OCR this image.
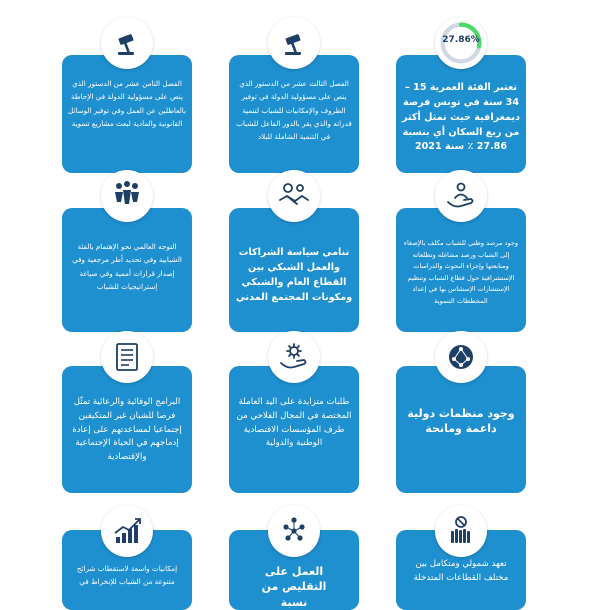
تعتبر الفئة العمرية 15 – 34 سنة في تونس فرصة ديمغرافية حيث تمثل أكثر من ربع السكان أي بنسبة 27.86 ٪ سنة 2021
27.86%
الفصل الثالث عشر من الدستور الذي ينص على مسؤولية الدولة في توفير الظروف والإمكانيات للشباب لتنمية قدراته والذي يقر بالدور الفاعل للشباب في التنمية الشاملة للبلاد
الفصل الثامن عشر من الدستور الذي ينص على مسؤولية الدولة في الإحاطة بالعاطلين عن العمل وفي توفير الوسائل القانونية والمادية لبعث مشاريع تنموية
وجود مرصد وطني للشباب مكلف بالإصغاء إلى الشباب ورصد مشاغله وتطلعاته ومتابعتها وإجراء البحوث والدراسات الإستشرافية حول قطاع الشباب وتنظيم الإستشارات الإستئناس بها في إعداد المخططات التنموية
تنامي سياسة الشراكات والعمل الشبكي بين القطاع العام والشبكي ومكونات المجتمع المدني
التوجه العالمي نحو الإهتمام بالفئة الشبابية وفي تحديد أطر مرجعية وفي إصدار قرارات أممية وفي صياغة إستراتيجيات للشباب
وجود منظمات دولية داعمة ومانحة
طلبات متزايدة على اليد العاملة المختصة في المجال الفلاحي من طرف المؤسسات الاقتصادية الوطنية والدولية
البرامج الوقائية والرعائية تمثّل فرصا للشبان غير المتكيفين إجتماعيا لمساعدتهم على إعادة إدماجهم في الحياة الإجتماعية والإقتصادية
تعهد شمولي ومتكامل بين مختلف القطاعات المتدخلة
العمل على التقليص من نسبة
إمكانيات واسعة لاستقطاب شرائح متنوعة من الشباب للإنخراط في
